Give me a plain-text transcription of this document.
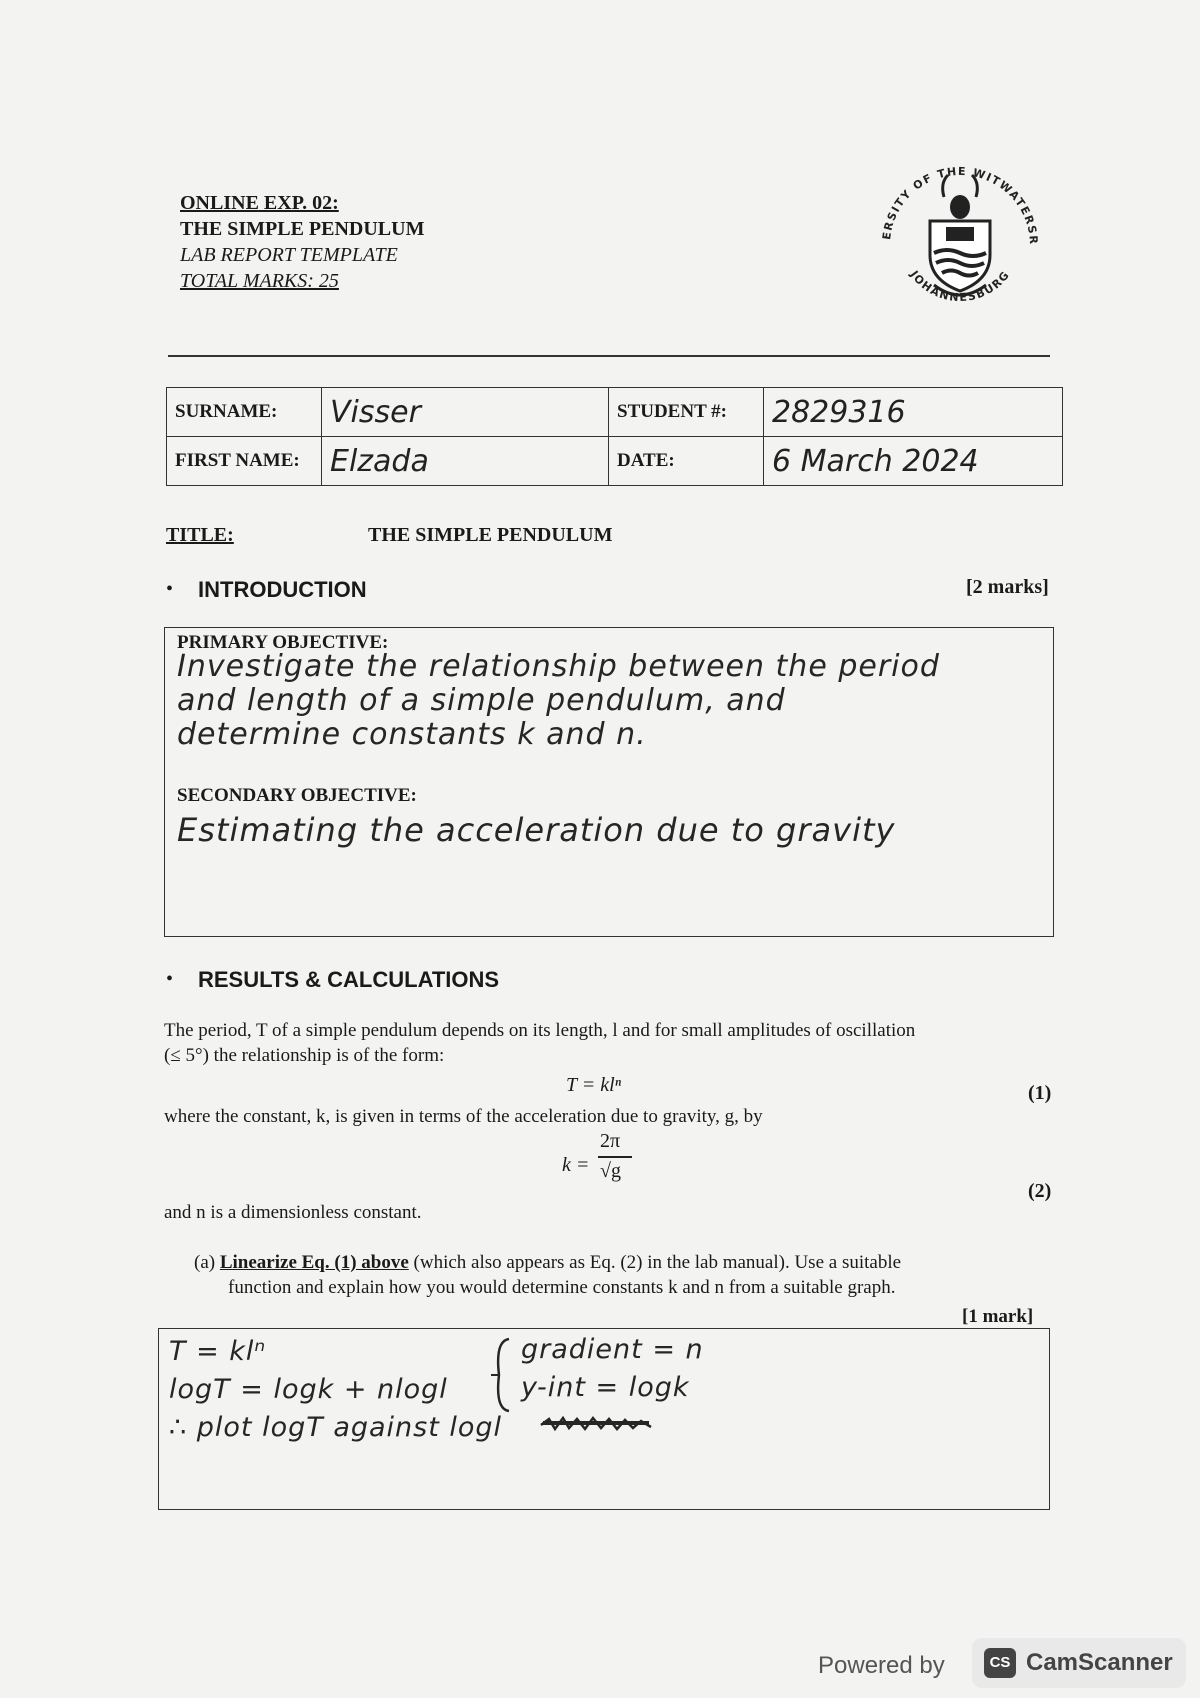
ONLINE EXP. 02:
THE SIMPLE PENDULUM
LAB REPORT TEMPLATE
TOTAL MARKS: 25
ERSITY OF THE WITWATERSR
JOHANNESBURG
SURNAME:	Visser	STUDENT #:	2829316
FIRST NAME:	Elzada	DATE:	6 March 2024
TITLE:	THE SIMPLE PENDULUM
• INTRODUCTION	[2 marks]
PRIMARY OBJECTIVE:
Investigate the relationship between the period
and length of a simple pendulum, and
determine constants k and n.
SECONDARY OBJECTIVE:
Estimating the acceleration due to gravity
• RESULTS & CALCULATIONS

The period, T of a simple pendulum depends on its length, l and for small amplitudes of oscillation

(≤ 5°) the relationship is of the form:

T = klⁿ	(1)

where the constant, k, is given in terms of the acceleration due to gravity, g, by

k =
2π
√g
(2)

and n is a dimensionless constant.

(a) Linearize Eq. (1) above (which also appears as Eq. (2) in the lab manual). Use a suitable
function and explain how you would determine constants k and n from a suitable graph.
[1 mark]
T = klⁿ
logT = logk + nlogl
∴ plot logT against logl
gradient = n
y-int = logk
Powered by	CS CamScanner
